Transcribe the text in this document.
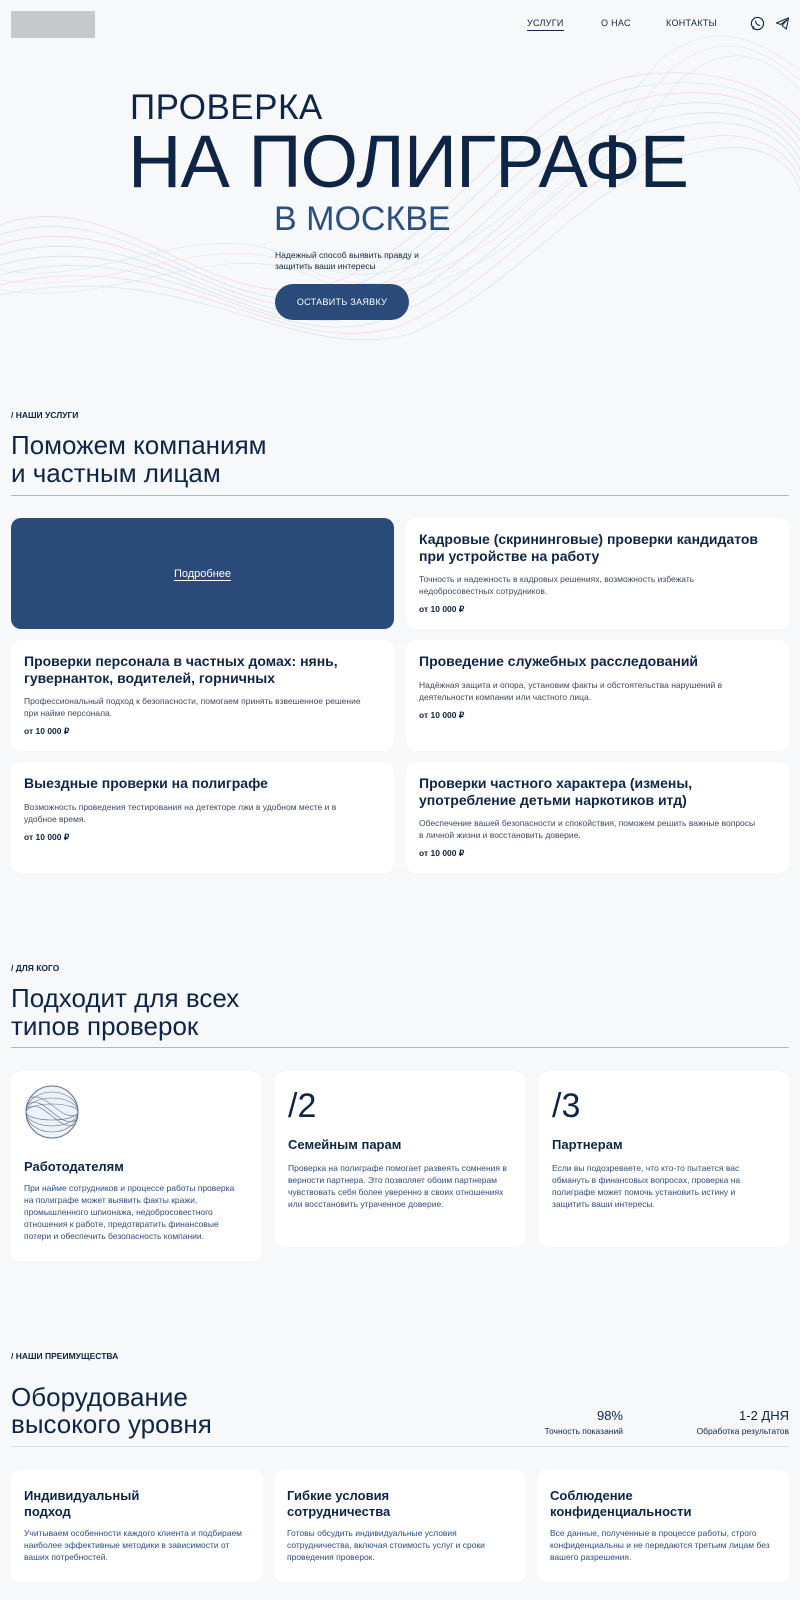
УСЛУГИ	О НАС	КОНТАКТЫ
ПРОВЕРКА
НА ПОЛИГРАФЕ
В МОСКВЕ
Надежный способ выявить правду и защитить ваши интересы
ОСТАВИТЬ ЗАЯВКУ
/ НАШИ УСЛУГИ
Поможем компаниям
и частным лицам
Подробнее
Кадровые (скрининговые) проверки кандидатов при устройстве на работу
Точность и надежность в кадровых решениях, возможность избежать недобросовестных сотрудников.
от 10 000 ₽
Проверки персонала в частных домах: нянь, гувернанток, водителей, горничных
Профессиональный подход к безопасности, помогаем принять взвешенное решение при найме персонала.
от 10 000 ₽
Проведение служебных расследований
Надёжная защита и опора, установим факты и обстоятельства нарушений в деятельности компании или частного лица.
от 10 000 ₽
Выездные проверки на полиграфе
Возможность проведения тестирования на детекторе лжи в удобном месте и в удобное время.
от 10 000 ₽
Проверки частного характера (измены, употребление детьми наркотиков итд)
Обеспечение вашей безопасности и спокойствия, поможем решить важные вопросы в личной жизни и восстановить доверие.
от 10 000 ₽
/ ДЛЯ КОГО
Подходит для всех
типов проверок
Работодателям
При найме сотрудников и процессе работы проверка на полиграфе может выявить факты кражи, промышленного шпионажа, недобросовестного отношения к работе, предотвратить финансовые потери и обеспечить безопасность компании.
/2
Семейным парам
Проверка на полиграфе помогает развеять сомнения в верности партнера. Это позволяет обоим партнерам чувствовать себя более уверенно в своих отношениях или восстановить утраченное доверие.
/3
Партнерам
Если вы подозреваете, что кто-то пытается вас обмануть в финансовых вопросах, проверка на полиграфе может помочь установить истину и защитить ваши интересы.
/ НАШИ ПРЕИМУЩЕСТВА
Оборудование
высокого уровня	98%
Точность показаний
1-2 ДНЯ
Обработка результатов
Индивидуальный подход
Учитываем особенности каждого клиента и подбираем наиболее эффективные методики в зависимости от ваших потребностей.
Гибкие условия сотрудничества
Готовы обсудить индивидуальные условия сотрудничества, включая стоимость услуг и сроки проведения проверок.
Соблюдение конфиденциальности
Все данные, полученные в процессе работы, строго конфиденциальны и не передаются третьим лицам без вашего разрешения.
